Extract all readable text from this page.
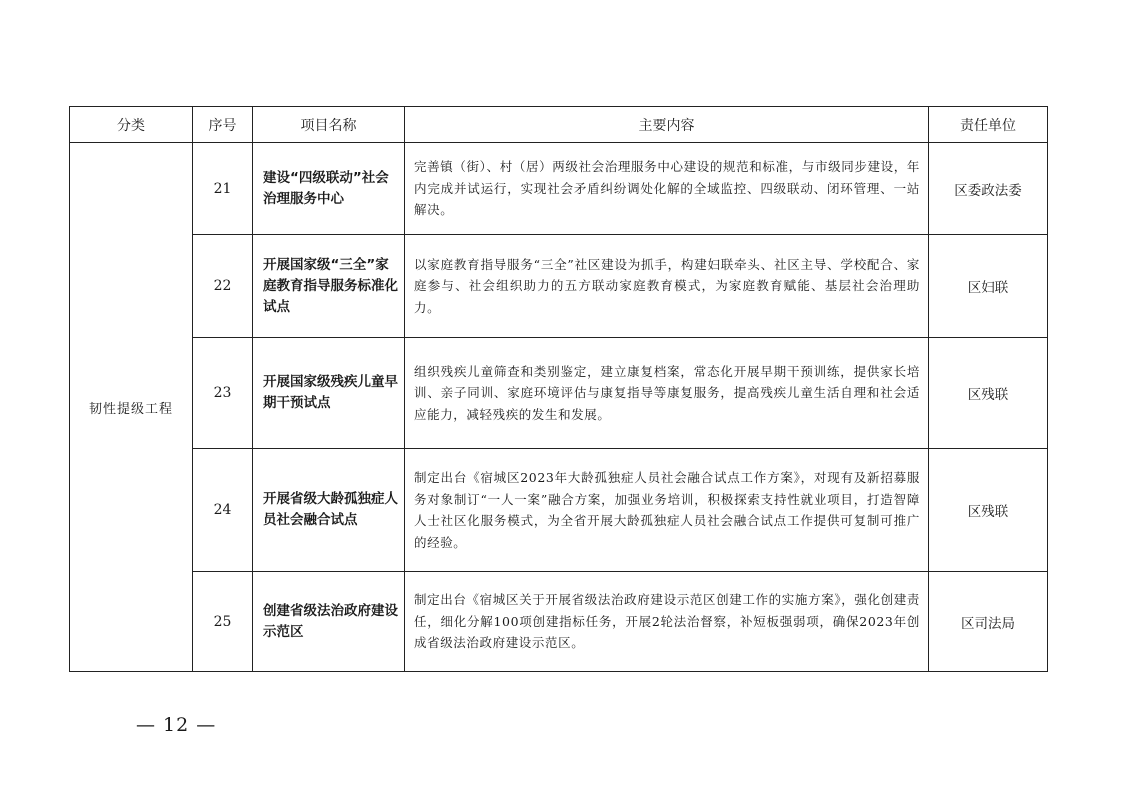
分类	序号	项目名称	主要内容	责任单位
韧性提级工程	21	建设“四级联动”社会治理服务中心	完善镇（街）、村（居）两级社会治理服务中心建设的规范和标准，与市级同步建设，年内完成并试运行，实现社会矛盾纠纷调处化解的全域监控、四级联动、闭环管理、一站解决。	区委政法委
	22	开展国家级“三全”家庭教育指导服务标准化试点	以家庭教育指导服务“三全”社区建设为抓手，构建妇联牵头、社区主导、学校配合、家庭参与、社会组织助力的五方联动家庭教育模式，为家庭教育赋能、基层社会治理助力。	区妇联
	23	开展国家级残疾儿童早期干预试点	组织残疾儿童筛查和类别鉴定，建立康复档案，常态化开展早期干预训练，提供家长培训、亲子同训、家庭环境评估与康复指导等康复服务，提高残疾儿童生活自理和社会适应能力，减轻残疾的发生和发展。	区残联
	24	开展省级大龄孤独症人员社会融合试点	制定出台《宿城区2023年大龄孤独症人员社会融合试点工作方案》，对现有及新招募服务对象制订“一人一案”融合方案，加强业务培训，积极探索支持性就业项目，打造智障人士社区化服务模式，为全省开展大龄孤独症人员社会融合试点工作提供可复制可推广的经验。	区残联
	25	创建省级法治政府建设示范区	制定出台《宿城区关于开展省级法治政府建设示范区创建工作的实施方案》，强化创建责任，细化分解100项创建指标任务，开展2轮法治督察，补短板强弱项，确保2023年创成省级法治政府建设示范区。	区司法局
— 12 —
